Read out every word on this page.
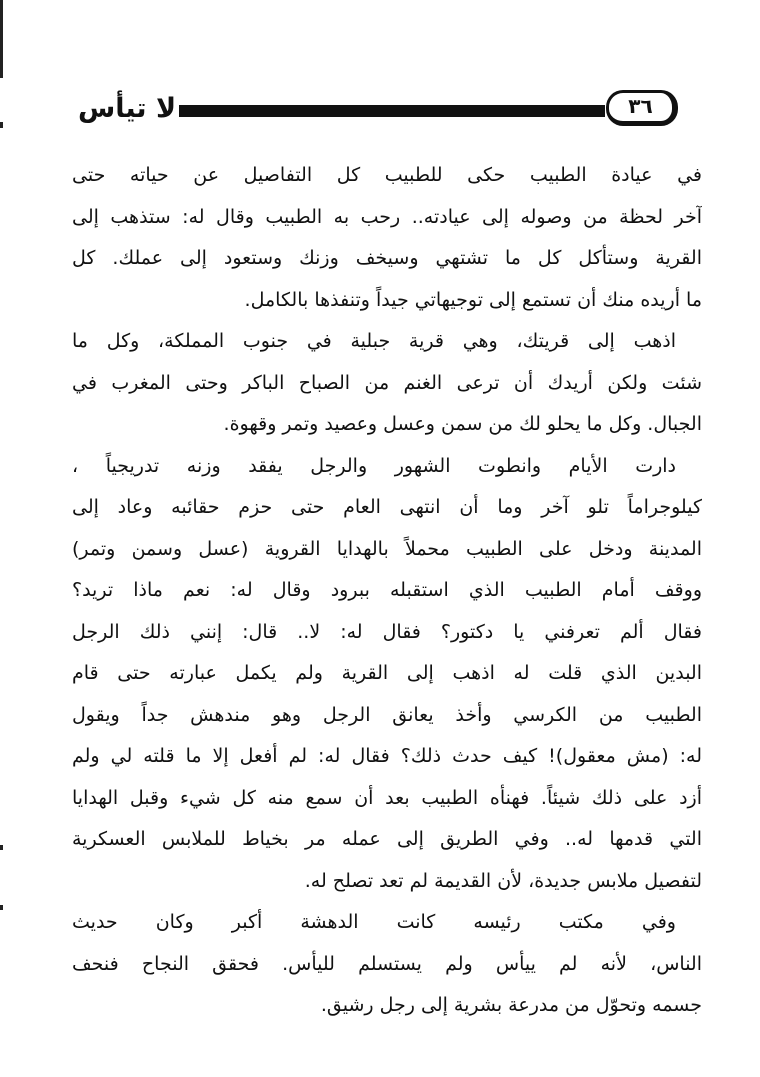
لا تيأس	٣٦
في عيادة الطبيب حكى للطبيب كل التفاصيل عن حياته حتى
آخر لحظة من وصوله إلى عيادته.. رحب به الطبيب وقال له: ستذهب إلى
القرية وستأكل كل ما تشتهي وسيخف وزنك وستعود إلى عملك. كل
ما أريده منك أن تستمع إلى توجيهاتي جيداً وتنفذها بالكامل.
اذهب إلى قريتك، وهي قرية جبلية في جنوب المملكة، وكل ما
شئت ولكن أريدك أن ترعى الغنم من الصباح الباكر وحتى المغرب في
الجبال. وكل ما يحلو لك من سمن وعسل وعصيد وتمر وقهوة.
دارت الأيام وانطوت الشهور والرجل يفقد وزنه تدريجياً ،
كيلوجراماً تلو آخر وما أن انتهى العام حتى حزم حقائبه وعاد إلى
المدينة ودخل على الطبيب محملاً بالهدايا القروية (عسل وسمن وتمر)
ووقف أمام الطبيب الذي استقبله ببرود وقال له: نعم ماذا تريد؟
فقال ألم تعرفني يا دكتور؟ فقال له: لا.. قال: إنني ذلك الرجل
البدين الذي قلت له اذهب إلى القرية ولم يكمل عبارته حتى قام
الطبيب من الكرسي وأخذ يعانق الرجل وهو مندهش جداً ويقول
له: (مش معقول)! كيف حدث ذلك؟ فقال له: لم أفعل إلا ما قلته لي ولم
أزد على ذلك شيئاً. فهنأه الطبيب بعد أن سمع منه كل شيء وقبل الهدايا
التي قدمها له.. وفي الطريق إلى عمله مر بخياط للملابس العسكرية
لتفصيل ملابس جديدة، لأن القديمة لم تعد تصلح له.
وفي مكتب رئيسه كانت الدهشة أكبر وكان حديث
الناس، لأنه لم ييأس ولم يستسلم لليأس. فحقق النجاح فنحف
جسمه وتحوّل من مدرعة بشرية إلى رجل رشيق.
